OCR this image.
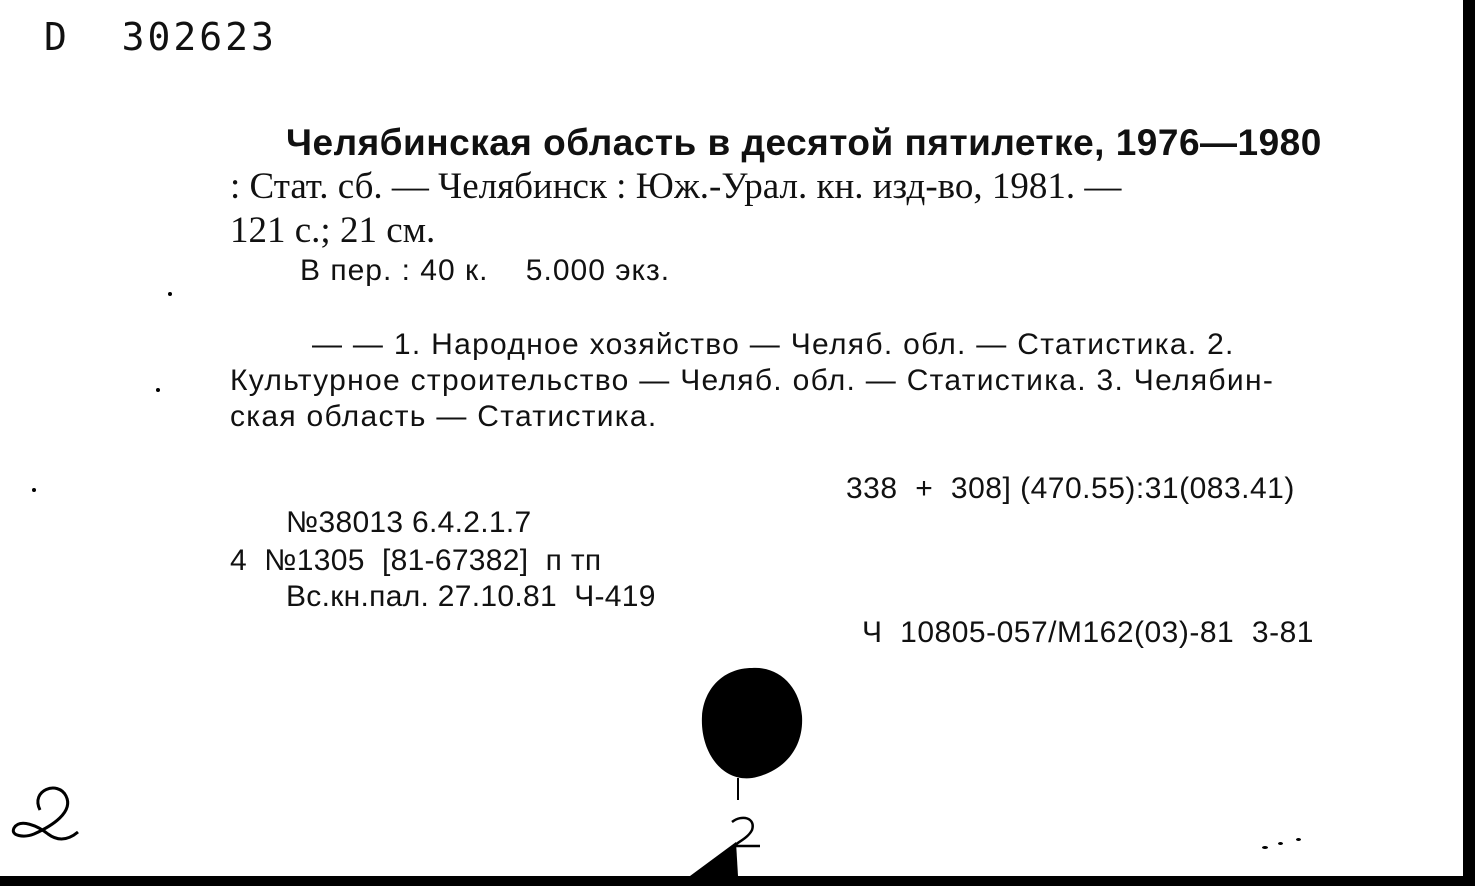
D  302623
Челябинская область в десятой пятилетке, 1976—1980
: Стат. сб. — Челябинск : Юж.-Урал. кн. изд-во, 1981. —
121 с.; 21 см.
В пер. : 40 к.    5.000 экз.
— — 1. Народное хозяйство — Челяб. обл. — Статистика. 2.
Культурное строительство — Челяб. обл. — Статистика. 3. Челябин-
ская область — Статистика.
338  +  308] (470.55):31(083.41)
№38013 6.4.2.1.7
4  №1305  [81-67382]  п тп
Вс.кн.пал. 27.10.81  Ч-419
Ч  10805-057/М162(03)-81  3-81
